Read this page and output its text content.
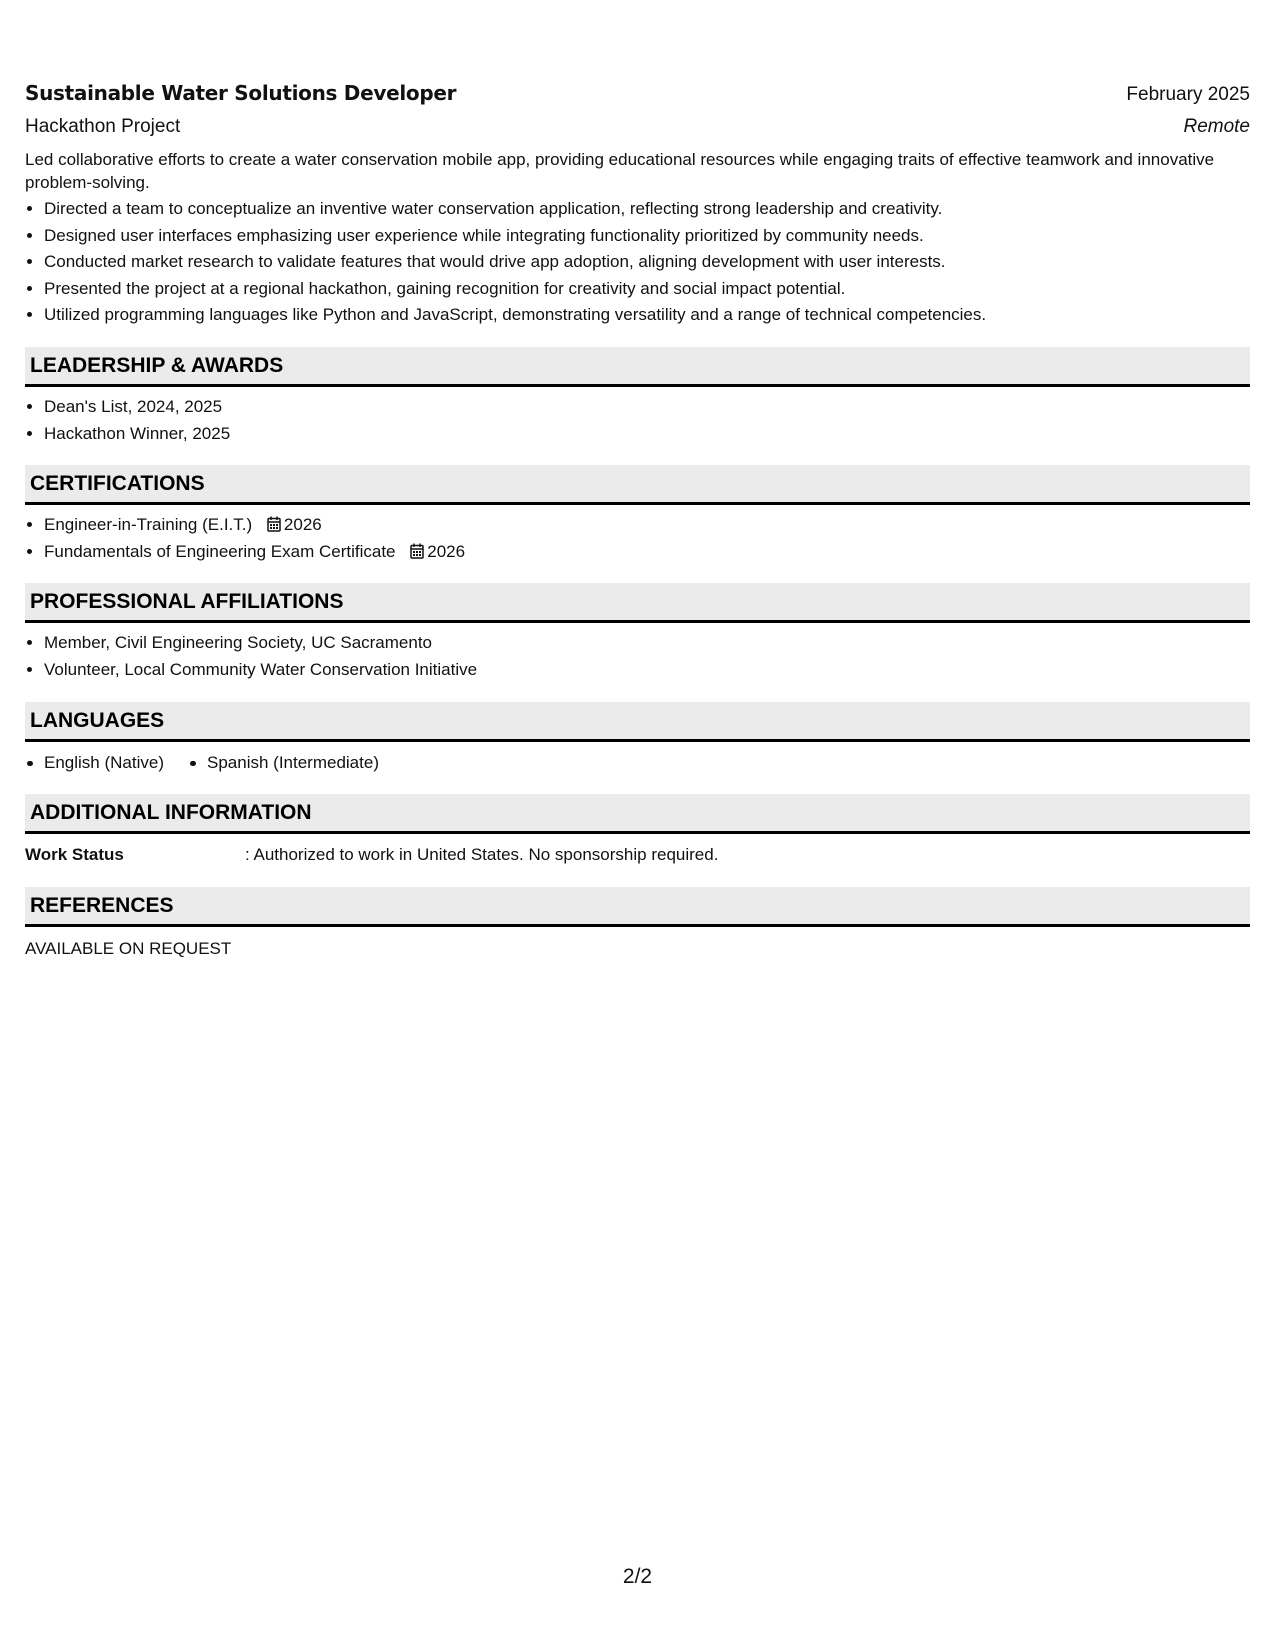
Sustainable Water Solutions Developer	February 2025
Hackathon Project	Remote
Led collaborative efforts to create a water conservation mobile app, providing educational resources while engaging traits of effective teamwork and innovative problem-solving.
• Directed a team to conceptualize an inventive water conservation application, reflecting strong leadership and creativity.
• Designed user interfaces emphasizing user experience while integrating functionality prioritized by community needs.
• Conducted market research to validate features that would drive app adoption, aligning development with user interests.
• Presented the project at a regional hackathon, gaining recognition for creativity and social impact potential.
• Utilized programming languages like Python and JavaScript, demonstrating versatility and a range of technical competencies.
LEADERSHIP & AWARDS
• Dean's List, 2024, 2025
• Hackathon Winner, 2025
CERTIFICATIONS
• Engineer-in-Training (E.I.T.) 2026
• Fundamentals of Engineering Exam Certificate 2026
PROFESSIONAL AFFILIATIONS
• Member, Civil Engineering Society, UC Sacramento
• Volunteer, Local Community Water Conservation Initiative
LANGUAGES
English (Native)	Spanish (Intermediate)
ADDITIONAL INFORMATION
Work Status	: Authorized to work in United States. No sponsorship required.
REFERENCES
AVAILABLE ON REQUEST
2/2
